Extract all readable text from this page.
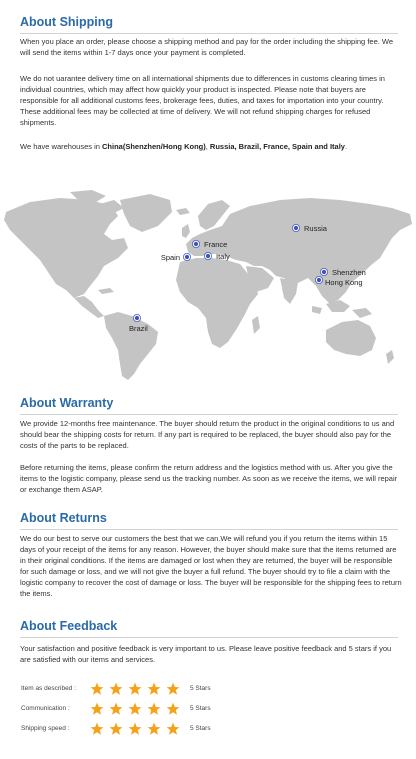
About Shipping
When you place an order, please choose a shipping method and pay for the order including the shipping fee. We will send the items within 1-7 days once your payment is completed.
We do not uarantee delivery time on all international shipments due to differences in customs clearing times in individual countries, which may affect how quickly your product is inspected. Please note that buyers are responsible for all additional customs fees, brokerage fees, duties, and taxes for importation into your country. These additional fees may be collected at time of delivery. We will not refund shipping charges for refused shipments.
We have warehouses in China(Shenzhen/Hong Kong), Russia, Brazil, France, Spain and Italy.
Russia
France
Spain	Italy
Shenzhen
Hong Kong
Brazil
About Warranty
We provide 12-months free maintenance. The buyer should return the product in the original conditions to us and should bear the shipping costs for return. If any part is required to be replaced, the buyer should also pay for the costs of the parts to be replaced.
Before returning the items, please confirm the return address and the logistics method with us. After you give the items to the logistic company, please send us the tracking number. As soon as we receive the items, we will repair or exchange them ASAP.
About Returns
We do our best to serve our customers the best that we can.We will refund you if you return the items within 15 days of your receipt of the items for any reason. However, the buyer should make sure that the items returned are in their original conditions. If the items are damaged or lost when they are returned, the buyer will be responsible for such damage or loss, and we will not give the buyer a full refund. The buyer should try to file a claim with the logistic company to recover the cost of damage or loss. The buyer will be responsible for the shipping fees to return the items.
About Feedback
Your satisfaction and positive feedback is very important to us. Please leave positive feedback and 5 stars if you are satisfied with our items and services.
Item as described :	5 Stars
Communication :	5 Stars
Shipping speed :	5 Stars
